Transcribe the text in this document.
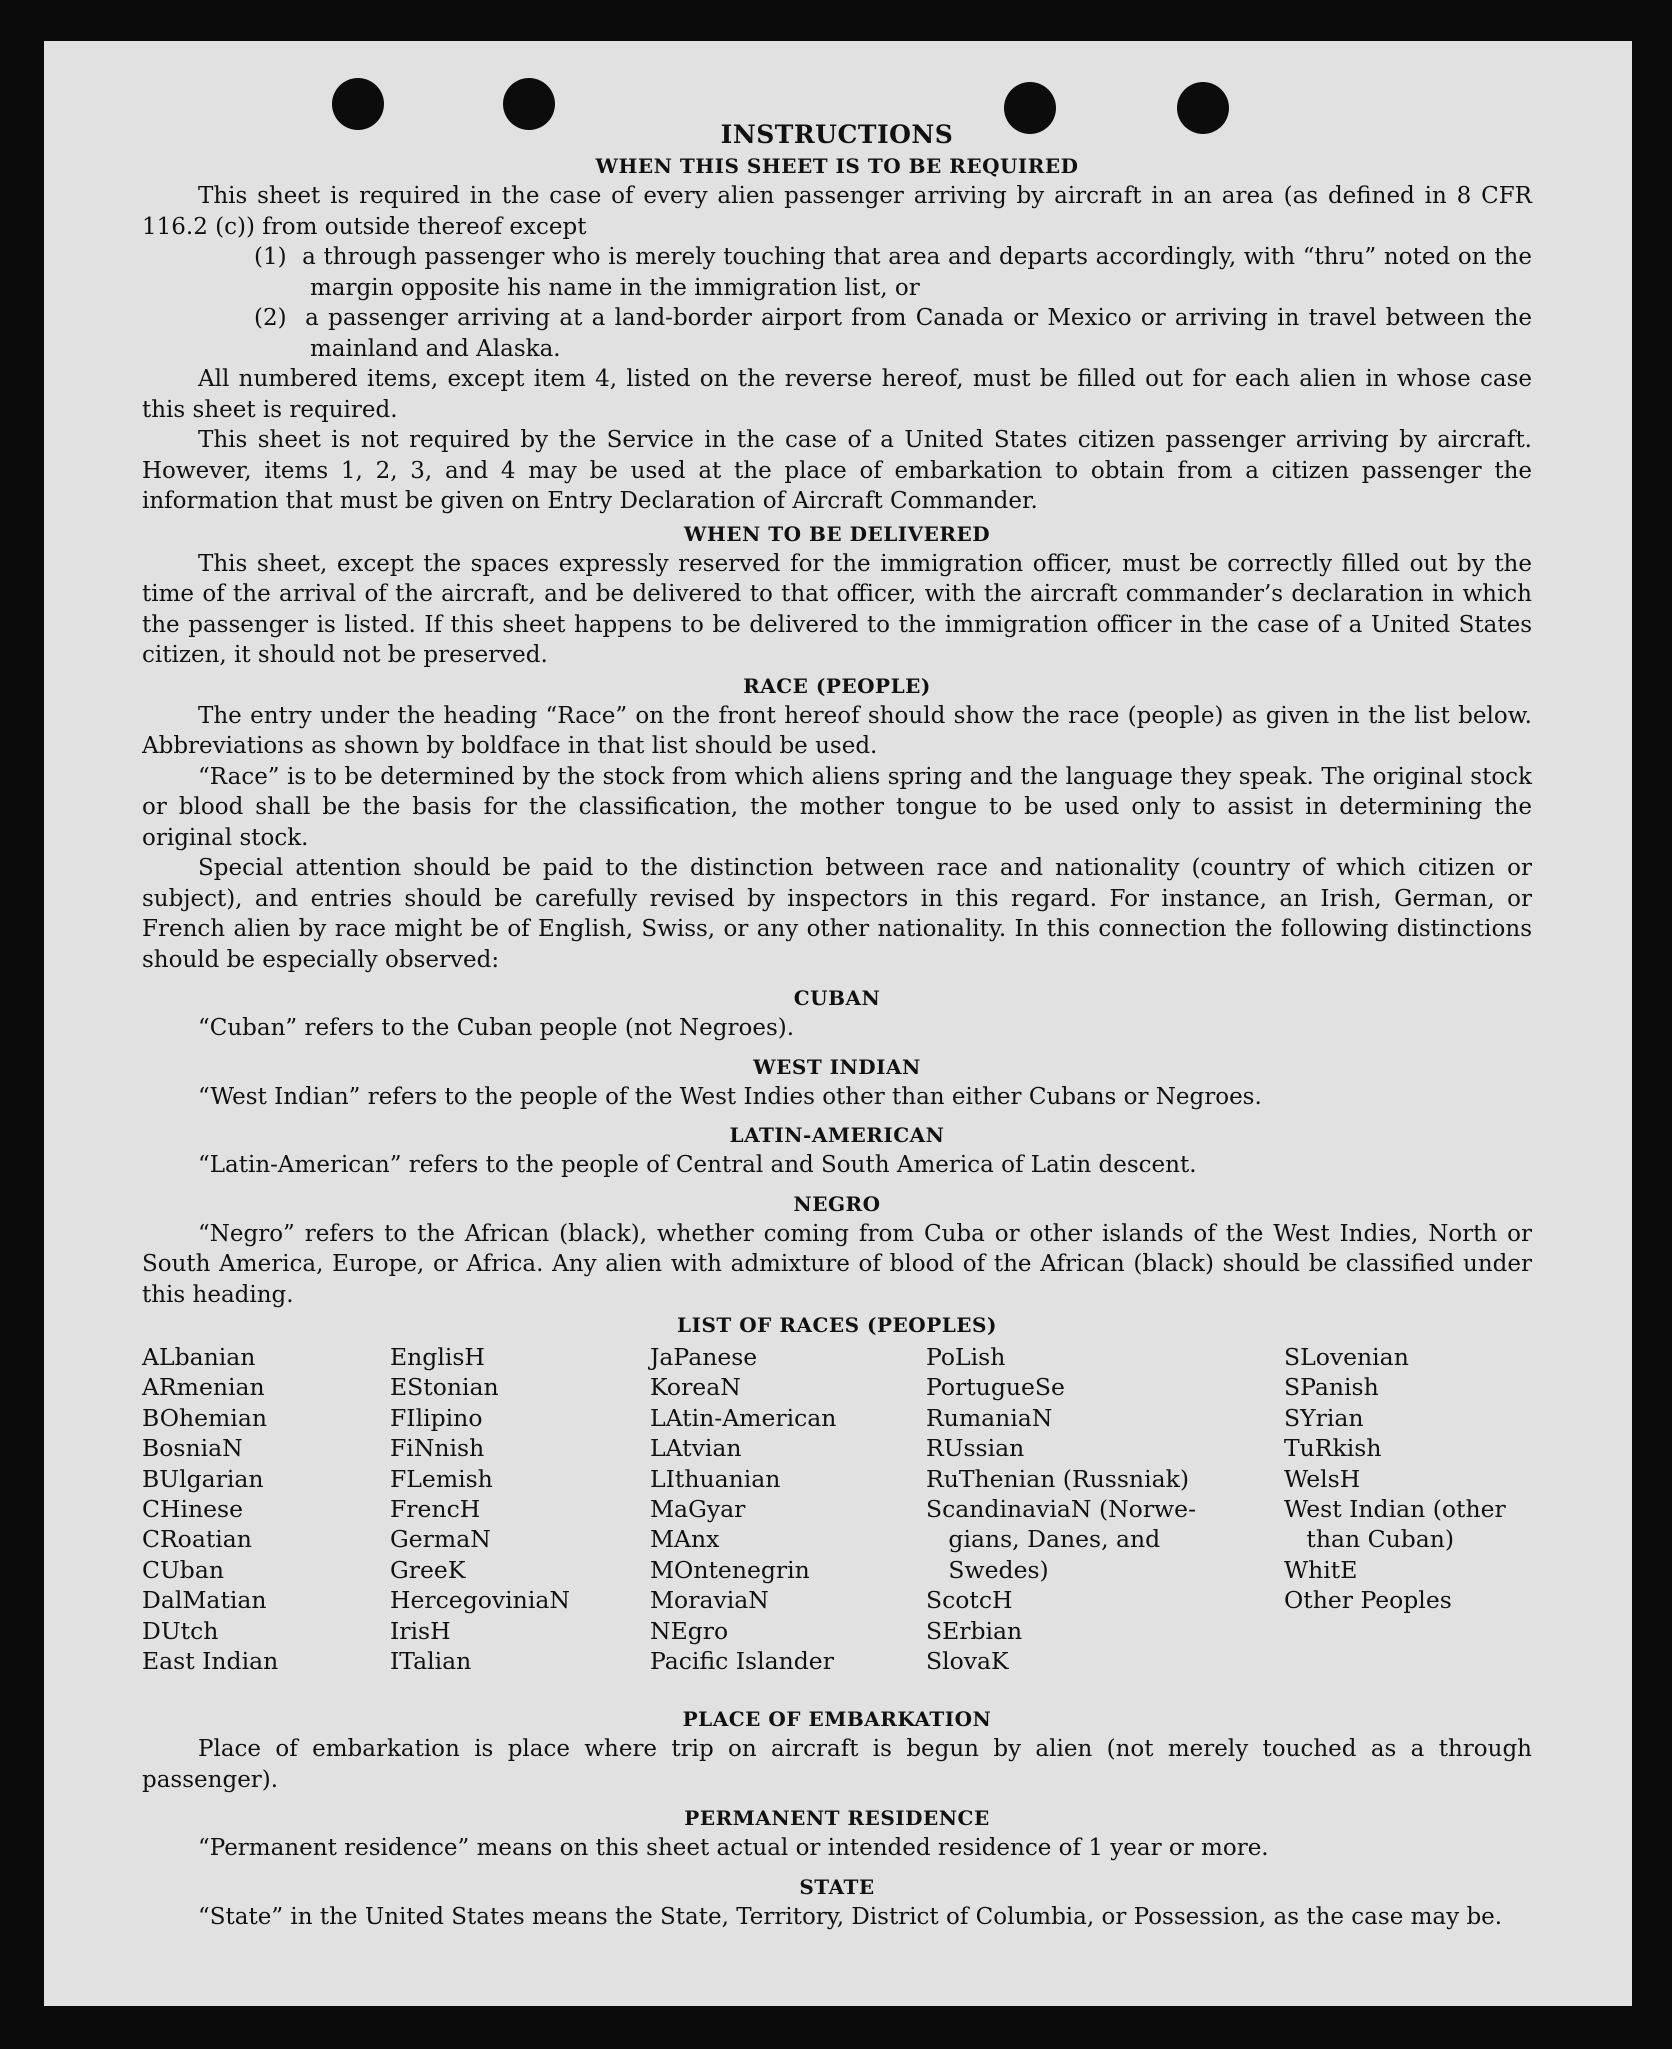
INSTRUCTIONS
WHEN THIS SHEET IS TO BE REQUIRED

This sheet is required in the case of every alien passenger arriving by aircraft in an area (as defined in 8 CFR 116.2 (c)) from outside thereof except

(1)  a through passenger who is merely touching that area and departs accordingly, with “thru” noted on the margin opposite his name in the immigration list, or

(2)  a passenger arriving at a land-border airport from Canada or Mexico or arriving in travel between the mainland and Alaska.

All numbered items, except item 4, listed on the reverse hereof, must be filled out for each alien in whose case this sheet is required.

This sheet is not required by the Service in the case of a United States citizen passenger arriving by aircraft. However, items 1, 2, 3, and 4 may be used at the place of embarkation to obtain from a citizen passenger the information that must be given on Entry Declaration of Aircraft Commander.

WHEN TO BE DELIVERED

This sheet, except the spaces expressly reserved for the immigration officer, must be correctly filled out by the time of the arrival of the aircraft, and be delivered to that officer, with the aircraft commander’s declaration in which the passenger is listed. If this sheet happens to be delivered to the immigration officer in the case of a United States citizen, it should not be preserved.

RACE (PEOPLE)

The entry under the heading “Race” on the front hereof should show the race (people) as given in the list below. Abbreviations as shown by boldface in that list should be used.

“Race” is to be determined by the stock from which aliens spring and the language they speak. The original stock or blood shall be the basis for the classification, the mother tongue to be used only to assist in determining the original stock.

Special attention should be paid to the distinction between race and nationality (country of which citizen or subject), and entries should be carefully revised by inspectors in this regard. For instance, an Irish, German, or French alien by race might be of English, Swiss, or any other nationality. In this connection the following distinctions should be especially observed:

CUBAN

“Cuban” refers to the Cuban people (not Negroes).

WEST INDIAN

“West Indian” refers to the people of the West Indies other than either Cubans or Negroes.

LATIN-AMERICAN

“Latin-American” refers to the people of Central and South America of Latin descent.

NEGRO

“Negro” refers to the African (black), whether coming from Cuba or other islands of the West Indies, North or South America, Europe, or Africa. Any alien with admixture of blood of the African (black) should be classified under this heading.

LIST OF RACES (PEOPLES)
ALbanian
ARmenian
BOhemian
BosniaN
BUlgarian
CHinese
CRoatian
CUban
DalMatian
DUtch
East Indian
EnglisH
EStonian
FIlipino
FiNnish
FLemish
FrencH
GermaN
GreeK
HercegoviniaN
IrisH
ITalian
JaPanese
KoreaN
LAtin-American
LAtvian
LIthuanian
MaGyar
MAnx
MOntenegrin
MoraviaN
NEgro
Pacific Islander
PoLish
PortugueSe
RumaniaN
RUssian
RuThenian (Russniak)
ScandinaviaN (Norwe-
gians, Danes, and
Swedes)
ScotcH
SErbian
SlovaK
SLovenian
SPanish
SYrian
TuRkish
WelsH
West Indian (other
than Cuban)
WhitE
Other Peoples
PLACE OF EMBARKATION

Place of embarkation is place where trip on aircraft is begun by alien (not merely touched as a through passenger).

PERMANENT RESIDENCE

“Permanent residence” means on this sheet actual or intended residence of 1 year or more.

STATE

“State” in the United States means the State, Territory, District of Columbia, or Possession, as the case may be.
